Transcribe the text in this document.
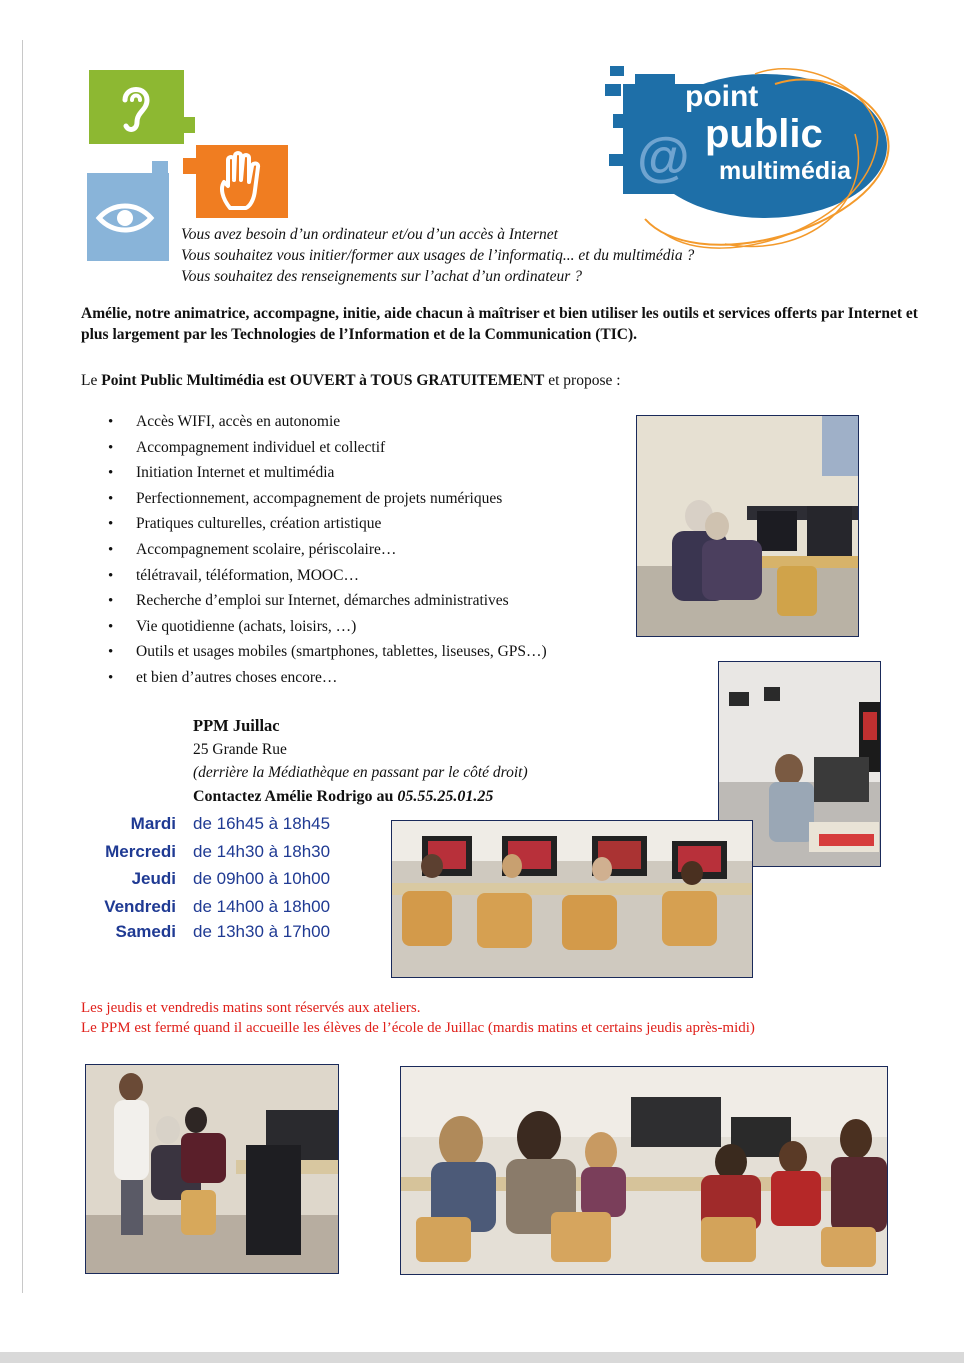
point
public
multimédia
@
Vous avez besoin d’un ordinateur et/ou d’un accès à Internet
Vous souhaitez vous initier/former aux usages de l’informatiq... et du multimédia ?
Vous souhaitez des renseignements sur l’achat d’un ordinateur ?
Amélie, notre animatrice, accompagne, initie, aide chacun à maîtriser et bien utiliser les outils et services offerts par Internet et plus largement par les Technologies de l’Information et de la Communication (TIC).
Le Point Public Multimédia est OUVERT à TOUS GRATUITEMENT et propose :
• Accès WIFI, accès en autonomie
• Accompagnement individuel et collectif
• Initiation Internet et multimédia
• Perfectionnement, accompagnement de projets numériques
• Pratiques culturelles, création artistique
• Accompagnement scolaire, périscolaire…
• télétravail, téléformation, MOOC…
• Recherche d’emploi sur Internet, démarches administratives
• Vie quotidienne (achats, loisirs, …)
• Outils et usages mobiles (smartphones, tablettes, liseuses, GPS…)
• et bien d’autres choses encore…
PPM Juillac
25 Grande Rue
(derrière la Médiathèque en passant par le côté droit)
Contactez Amélie Rodrigo au 05.55.25.01.25
Mardi de 16h45 à 18h45
Mercredi de 14h30 à 18h30
Jeudi de 09h00 à 10h00
Vendredi de 14h00 à 18h00
Samedi de 13h30 à 17h00
Les jeudis et vendredis matins sont réservés aux ateliers.
Le PPM est fermé quand il accueille les élèves de l’école de Juillac (mardis matins et certains jeudis après-midi)
